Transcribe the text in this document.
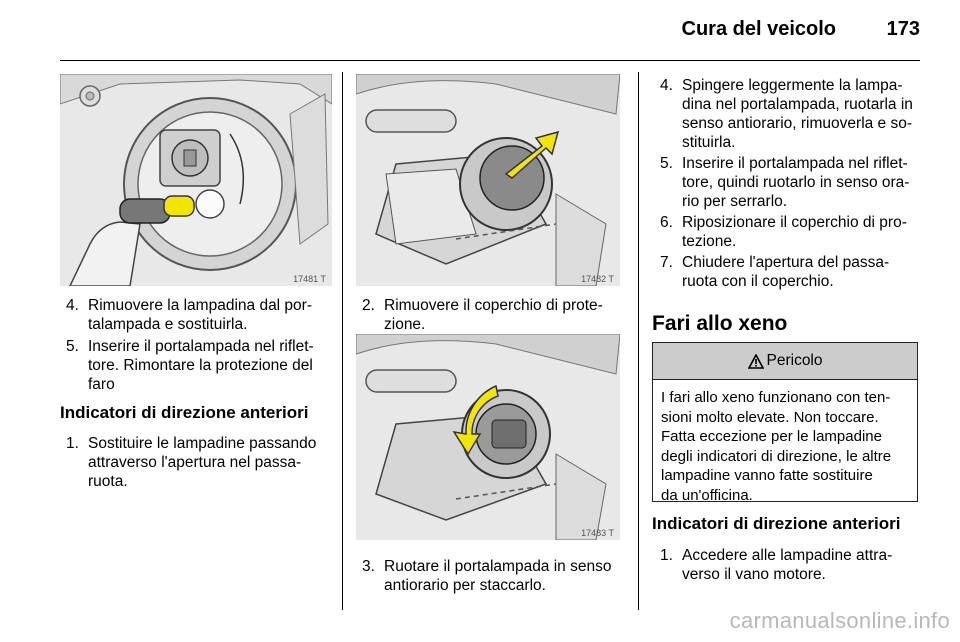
Cura del veicolo	173
17481 T	17482 T
17483 T
4. Rimuovere la lampadina dal por-
talampada e sostituirla.
5. Inserire il portalampada nel riflet-
tore. Rimontare la protezione del
faro
Indicatori di direzione anteriori
1. Sostituire le lampadine passando
attraverso l'apertura nel passa-
ruota.
2. Rimuovere il coperchio di prote-
zione.
3. Ruotare il portalampada in senso
antiorario per staccarlo.
4. Spingere leggermente la lampa-
dina nel portalampada, ruotarla in
senso antiorario, rimuoverla e so-
stituirla.
5. Inserire il portalampada nel riflet-
tore, quindi ruotarlo in senso ora-
rio per serrarlo.
6. Riposizionare il coperchio di pro-
tezione.
7. Chiudere l'apertura del passa-
ruota con il coperchio.
Fari allo xeno
Pericolo
I fari allo xeno funzionano con ten-
sioni molto elevate. Non toccare.
Fatta eccezione per le lampadine
degli indicatori di direzione, le altre
lampadine vanno fatte sostituire
da un'officina.
Indicatori di direzione anteriori
1. Accedere alle lampadine attra-
verso il vano motore.
carmanualsonline.info
